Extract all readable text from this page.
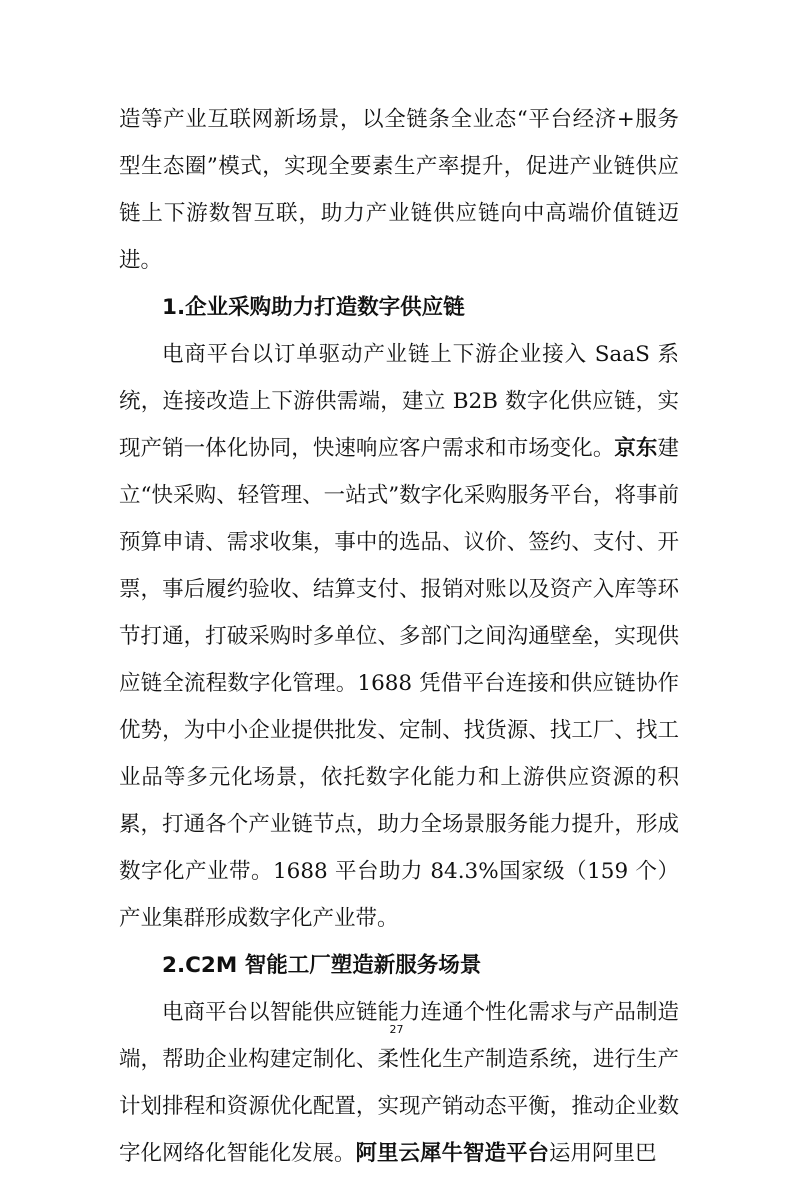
造等产业互联网新场景，以全链条全业态“平台经济+服务型生态圈”模式，实现全要素生产率提升，促进产业链供应链上下游数智互联，助力产业链供应链向中高端价值链迈进。

1.企业采购助力打造数字供应链

电商平台以订单驱动产业链上下游企业接入 SaaS 系统，连接改造上下游供需端，建立 B2B 数字化供应链，实现产销一体化协同，快速响应客户需求和市场变化。京东建立“快采购、轻管理、一站式”数字化采购服务平台，将事前预算申请、需求收集，事中的选品、议价、签约、支付、开票，事后履约验收、结算支付、报销对账以及资产入库等环节打通，打破采购时多单位、多部门之间沟通壁垒，实现供应链全流程数字化管理。1688 凭借平台连接和供应链协作优势，为中小企业提供批发、定制、找货源、找工厂、找工业品等多元化场景，依托数字化能力和上游供应资源的积累，打通各个产业链节点，助力全场景服务能力提升，形成数字化产业带。1688 平台助力 84.3%国家级（159 个）产业集群形成数字化产业带。

2.C2M 智能工厂塑造新服务场景

电商平台以智能供应链能力连通个性化需求与产品制造端，帮助企业构建定制化、柔性化生产制造系统，进行生产计划排程和资源优化配置，实现产销动态平衡，推动企业数字化网络化智能化发展。阿里云犀牛智造平台运用阿里巴

27
